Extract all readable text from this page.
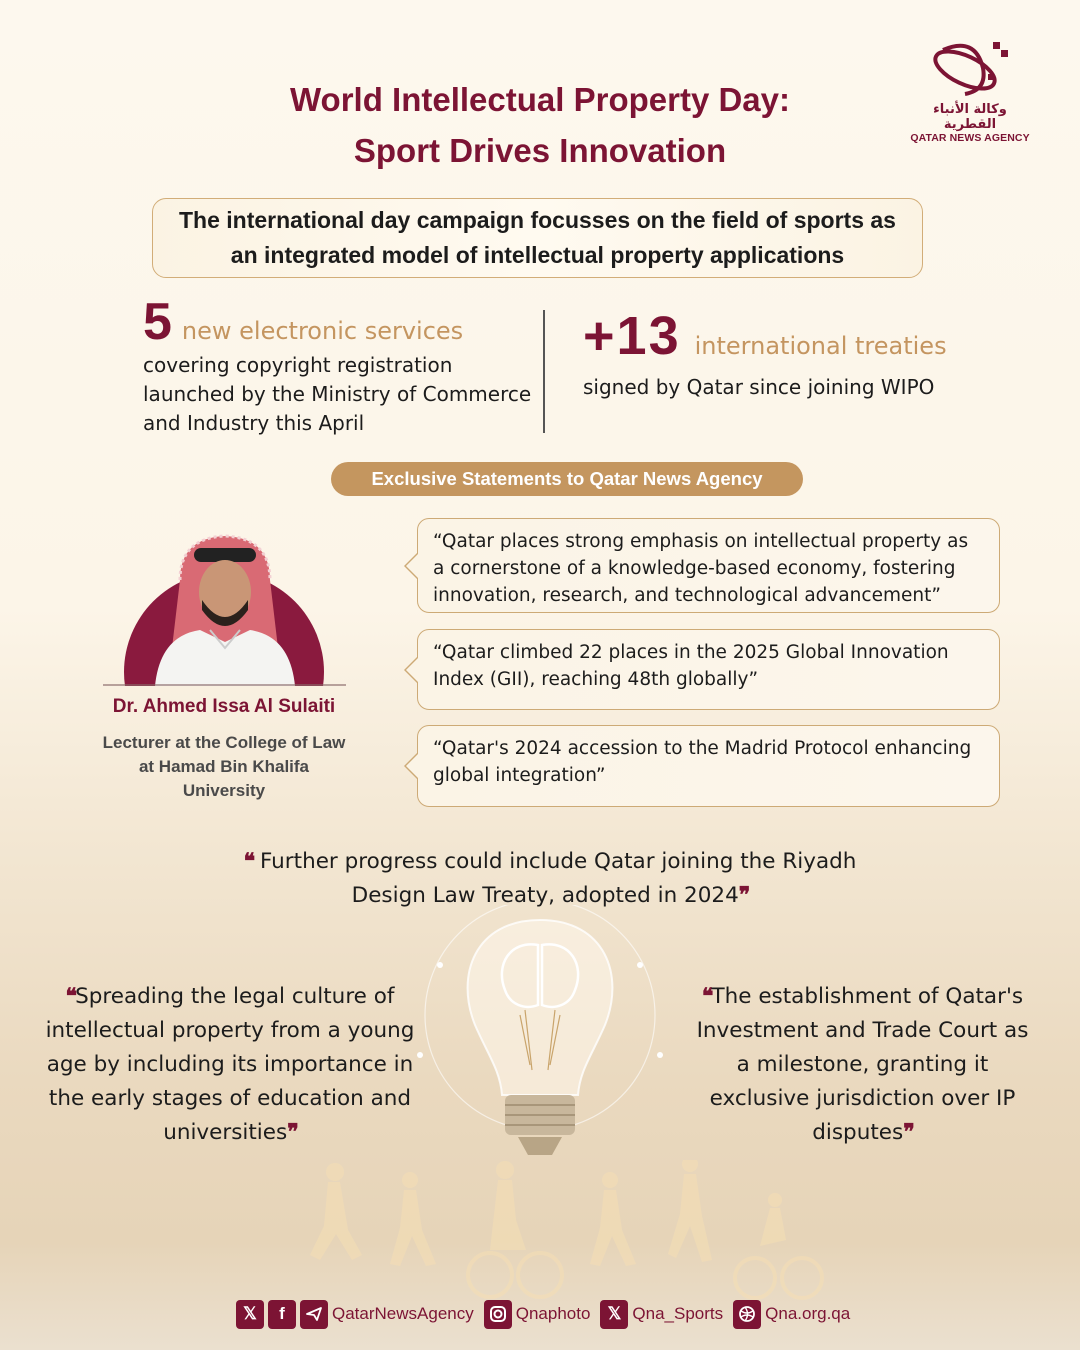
وكالة الأنباء القطرية
QATAR NEWS AGENCY
World Intellectual Property Day:
Sport Drives Innovation
The international day campaign focusses on the field of sports as an integrated model of intellectual property applications
5 new electronic services
covering copyright registration launched by the Ministry of Commerce and Industry this April
+13 international treaties
signed by Qatar since joining WIPO
Exclusive Statements to Qatar News Agency
Dr. Ahmed Issa Al Sulaiti
Lecturer at the College of Law at Hamad Bin Khalifa University
“Qatar places strong emphasis on intellectual property as a cornerstone of a knowledge-based economy, fostering innovation, research, and technological advancement”
“Qatar climbed 22 places in the 2025 Global Innovation Index (GII), reaching 48th globally”
“Qatar's 2024 accession to the Madrid Protocol enhancing global integration”
❝ Further progress could include Qatar joining the Riyadh Design Law Treaty, adopted in 2024❞
❝Spreading the legal culture of intellectual property from a young age by including its importance in the early stages of education and universities❞
❝The establishment of Qatar's Investment and Trade Court as a milestone, granting it exclusive jurisdiction over IP disputes❞
𝕏	f	QatarNewsAgency Qnaphoto	𝕏 Qna_Sports Qna.org.qa
